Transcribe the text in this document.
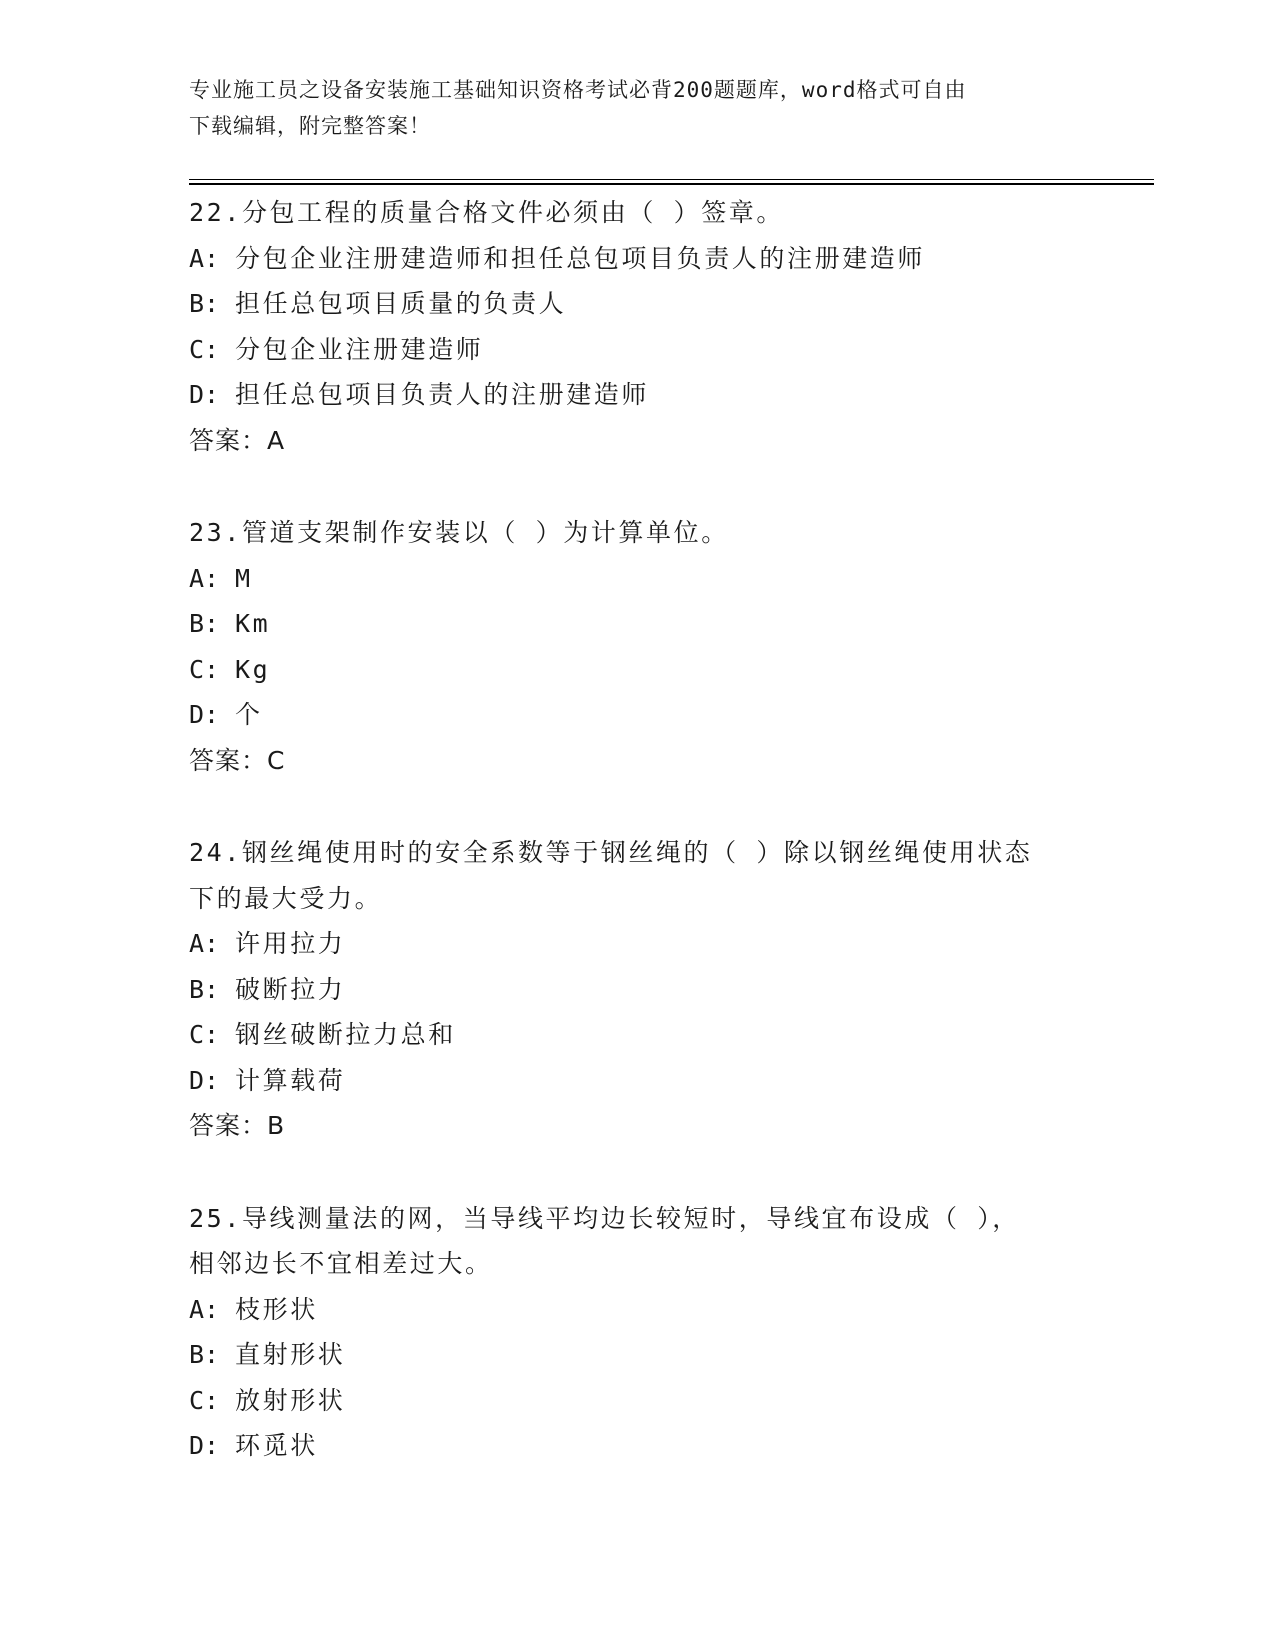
专业施工员之设备安装施工基础知识资格考试必背200题题库，word格式可自由
下载编辑，附完整答案！
22.分包工程的质量合格文件必须由（ ）签章。
A: 分包企业注册建造师和担任总包项目负责人的注册建造师
B: 担任总包项目质量的负责人
C: 分包企业注册建造师
D: 担任总包项目负责人的注册建造师
答案：A
23.管道支架制作安装以（ ）为计算单位。
A: M
B: Km
C: Kg
D: 个
答案：C
24.钢丝绳使用时的安全系数等于钢丝绳的（ ）除以钢丝绳使用状态
下的最大受力。
A: 许用拉力
B: 破断拉力
C: 钢丝破断拉力总和
D: 计算载荷
答案：B
25.导线测量法的网，当导线平均边长较短时，导线宜布设成（ ），
相邻边长不宜相差过大。
A: 枝形状
B: 直射形状
C: 放射形状
D: 环觅状
